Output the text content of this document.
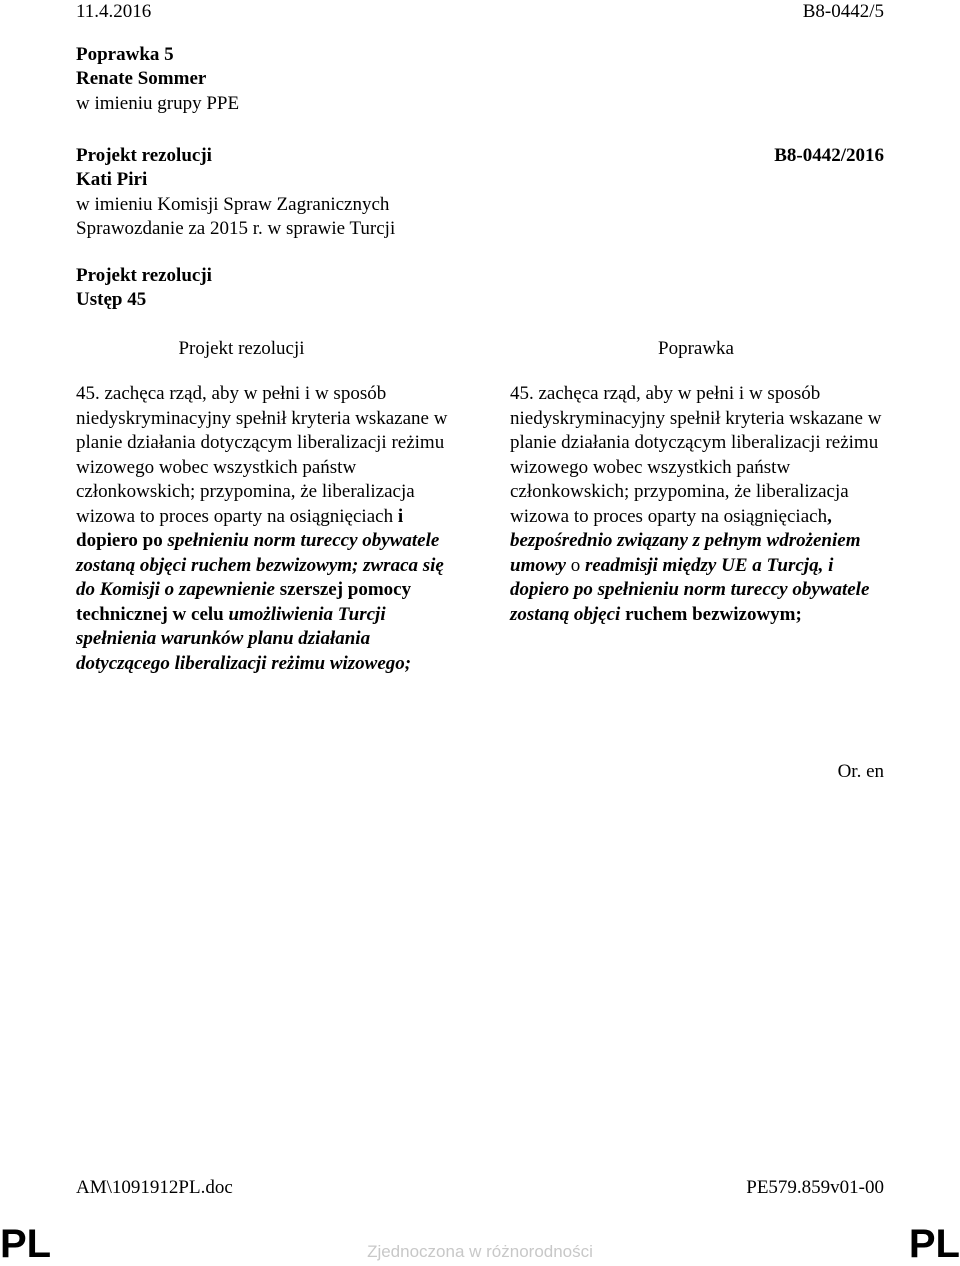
11.4.2016	B8-0442/5
Poprawka 5
Renate Sommer
w imieniu grupy PPE
Projekt rezolucji	B8-0442/2016
Kati Piri
w imieniu Komisji Spraw Zagranicznych
Sprawozdanie za 2015 r. w sprawie Turcji
Projekt rezolucji
Ustęp 45
Projekt rezolucji	Poprawka

45. zachęca rząd, aby w pełni i w sposób niedyskryminacyjny spełnił kryteria wskazane w planie działania dotyczącym liberalizacji reżimu wizowego wobec wszystkich państw członkowskich; przypomina, że liberalizacja wizowa to proces oparty na osiągnięciach i dopiero po spełnieniu norm tureccy obywatele zostaną objęci ruchem bezwizowym; zwraca się do Komisji o zapewnienie szerszej pomocy technicznej w celu umożliwienia Turcji spełnienia warunków planu działania dotyczącego liberalizacji reżimu wizowego;

45. zachęca rząd, aby w pełni i w sposób niedyskryminacyjny spełnił kryteria wskazane w planie działania dotyczącym liberalizacji reżimu wizowego wobec wszystkich państw członkowskich; przypomina, że liberalizacja wizowa to proces oparty na osiągnięciach, bezpośrednio związany z pełnym wdrożeniem umowy o readmisji między UE a Turcją, i dopiero po spełnieniu norm tureccy obywatele zostaną objęci ruchem bezwizowym;

Or. en
AM\1091912PL.doc	PE579.859v01-00
PL	Zjednoczona w różnorodności	PL
